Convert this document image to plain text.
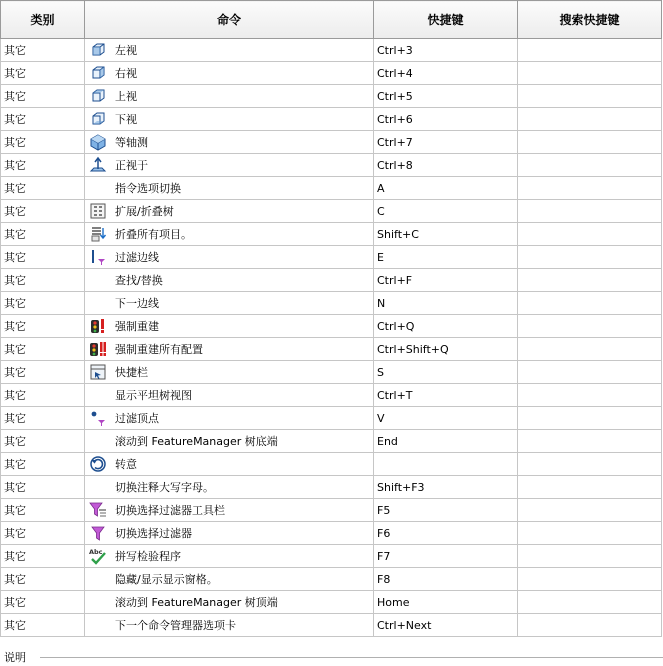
类别	命令	快捷键	搜索快捷键
其它	左视	Ctrl+3	
其它	右视	Ctrl+4	
其它	上视	Ctrl+5	
其它	下视	Ctrl+6	
其它	等轴测	Ctrl+7	
其它	正视于	Ctrl+8	
其它	指令选项切换	A	
其它	扩展/折叠树	C	
其它	折叠所有项目。	Shift+C	
其它	过滤边线	E	
其它	查找/替换	Ctrl+F	
其它	下一边线	N	
其它	强制重建	Ctrl+Q	
其它	强制重建所有配置	Ctrl+Shift+Q	
其它	快捷栏	S	
其它	显示平坦树视图	Ctrl+T	
其它	过滤顶点	V	
其它	滚动到 FeatureManager 树底端	End	
其它	转意		

其它	切换注释大写字母。	Shift+F3	
其它	切换选择过滤器工具栏	F5	
其它	切换选择过滤器	F6	
其它	Abc 拼写检验程序	F7	
其它	隐藏/显示显示窗格。	F8	
其它	滚动到 FeatureManager 树顶端	Home	
其它	下一个命令管理器选项卡	Ctrl+Next	
说明
